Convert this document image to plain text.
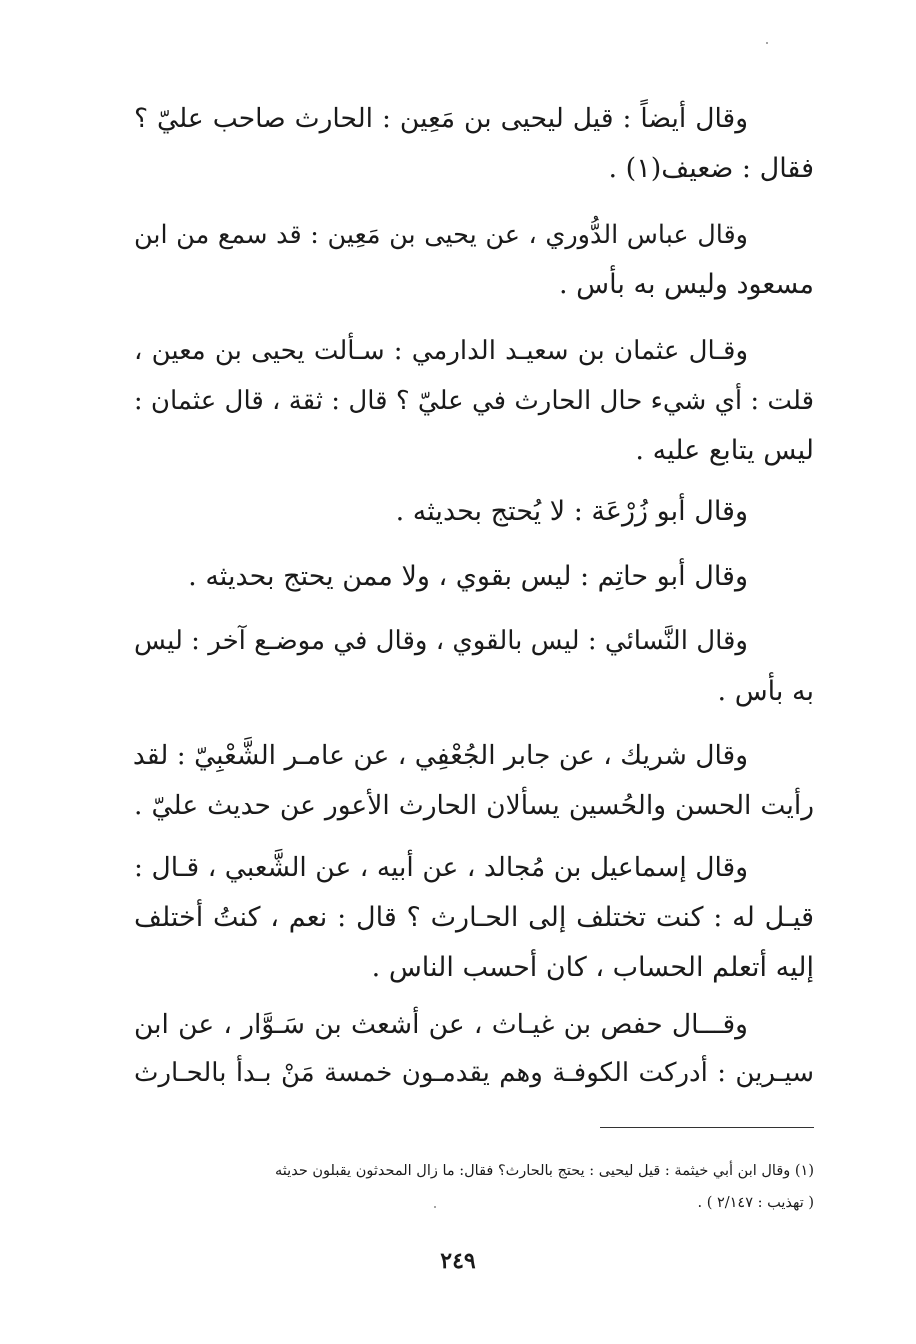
وقال أيضاً : قيل ليحيى بن مَعِين : الحارث صاحب عليّ ؟
فقال : ضعيف(١) .
وقال عباس الدُّوري ، عن يحيى بن مَعِين : قد سمع من ابن
مسعود وليس به بأس .
وقـال عثمان بن سعيـد الدارمي : سـألت يحيى بن معين ،
قلت : أي شيء حال الحارث في عليّ ؟ قال : ثقة ، قال عثمان :
ليس يتابع عليه .
وقال أبو زُرْعَة : لا يُحتج بحديثه .
وقال أبو حاتِم : ليس بقوي ، ولا ممن يحتج بحديثه .
وقال النَّسائي : ليس بالقوي ، وقال في موضـع آخر : ليس
به بأس .
وقال شريك ، عن جابر الجُعْفِي ، عن عامـر الشَّعْبِيّ : لقد
رأيت الحسن والحُسين يسألان الحارث الأعور عن حديث عليّ .
وقال إسماعيل بن مُجالد ، عن أبيه ، عن الشَّعبي ، قـال :
قيـل له : كنت تختلف إلى الحـارث ؟ قال : نعم ، كنتُ أختلف
إليه أتعلم الحساب ، كان أحسب الناس .
وقـــال حفص بن غيـاث ، عن أشعث بن سَـوَّار ، عن ابن
سيـرين : أدركت الكوفـة وهم يقدمـون خمسة مَنْ بـدأ بالحـارث
(١) وقال ابن أبي خيثمة : قيل ليحيى : يحتج بالحارث؟ فقال: ما زال المحدثون يقبلون حديثه
( تهذيب : ٢/١٤٧ ) .
٢٤٩
